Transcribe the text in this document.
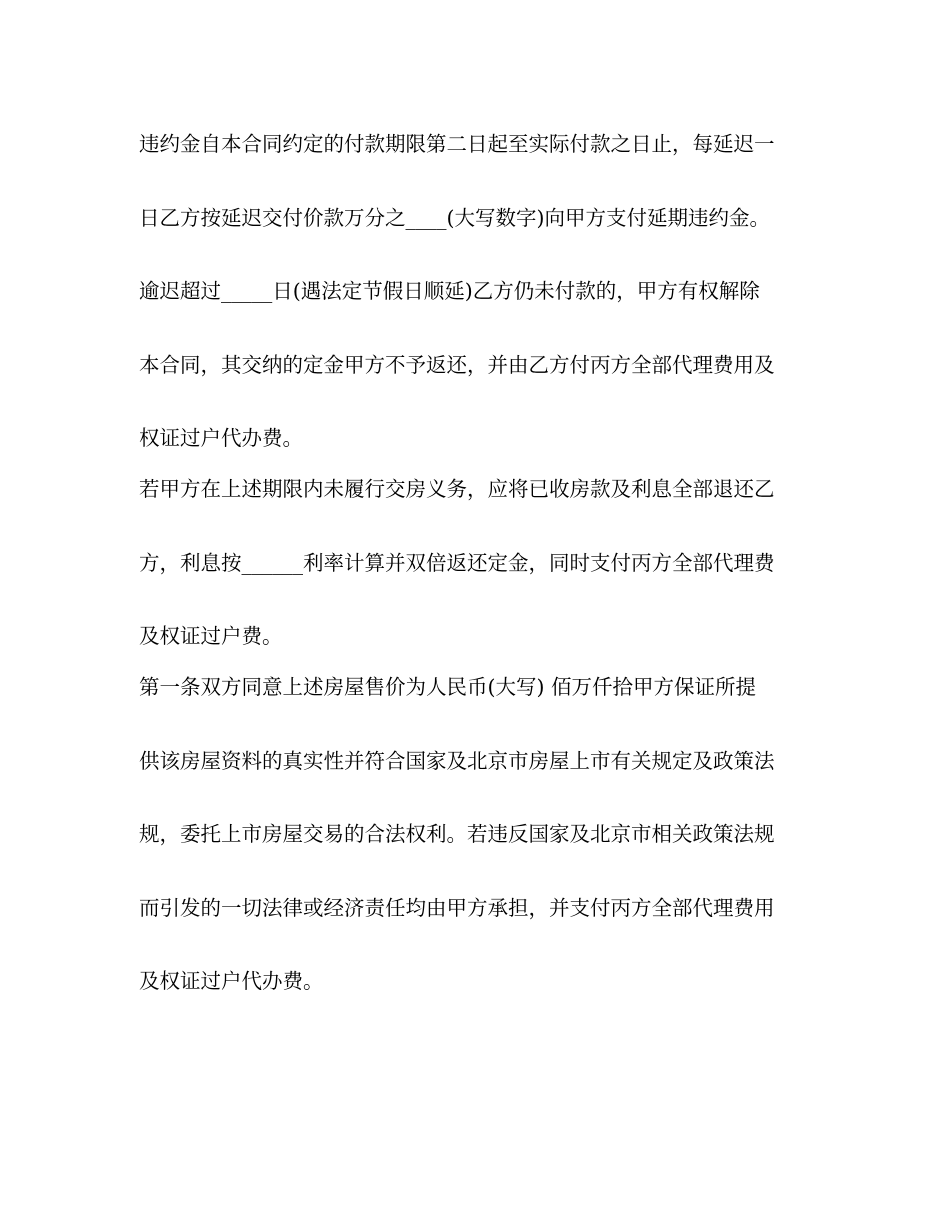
违约金自本合同约定的付款期限第二日起至实际付款之日止，每延迟一
日乙方按延迟交付价款万分之____(大写数字)向甲方支付延期违约金。
逾迟超过_____日(遇法定节假日顺延)乙方仍未付款的，甲方有权解除
本合同，其交纳的定金甲方不予返还，并由乙方付丙方全部代理费用及
权证过户代办费。
若甲方在上述期限内未履行交房义务，应将已收房款及利息全部退还乙
方，利息按______利率计算并双倍返还定金，同时支付丙方全部代理费
及权证过户费。
第一条双方同意上述房屋售价为人民币(大写) 佰万仟拾甲方保证所提
供该房屋资料的真实性并符合国家及北京市房屋上市有关规定及政策法
规，委托上市房屋交易的合法权利。若违反国家及北京市相关政策法规
而引发的一切法律或经济责任均由甲方承担，并支付丙方全部代理费用
及权证过户代办费。
